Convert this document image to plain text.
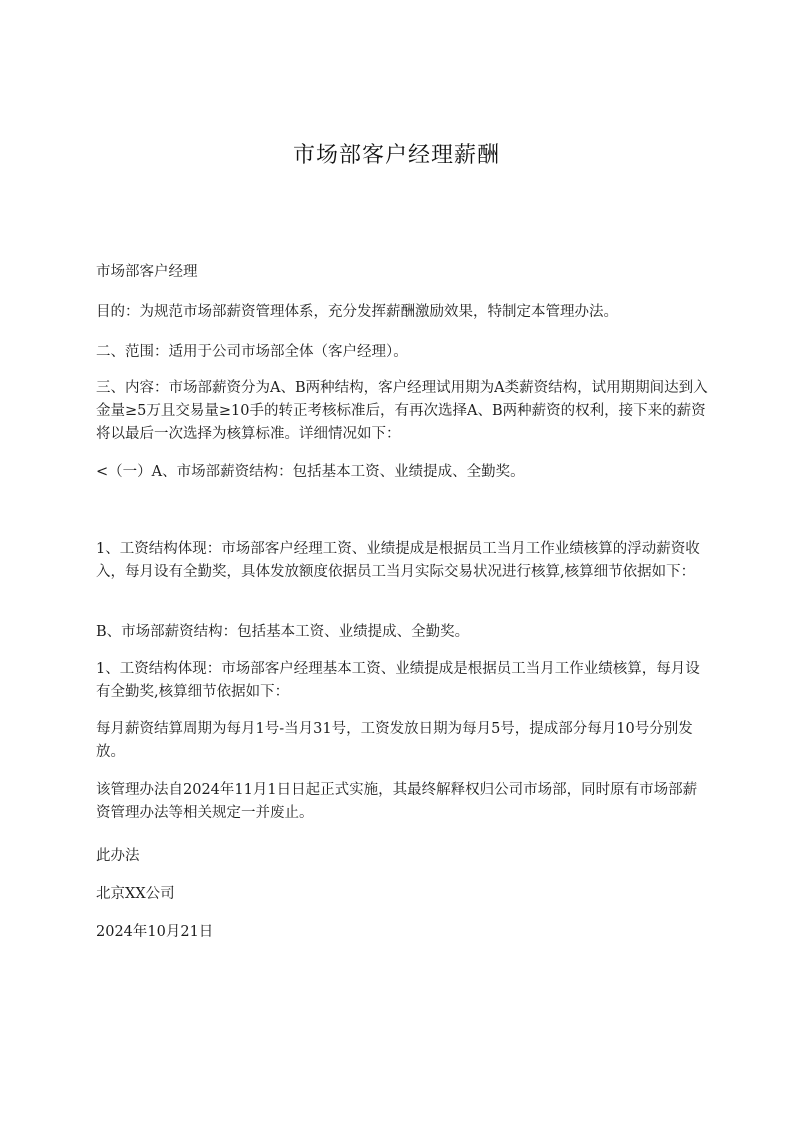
市场部客户经理薪酬
市场部客户经理
目的：为规范市场部薪资管理体系，充分发挥薪酬激励效果，特制定本管理办法。
二、范围：适用于公司市场部全体（客户经理）。
三、内容：市场部薪资分为A、B两种结构，客户经理试用期为A类薪资结构，试用期期间达到入金量≥5万且交易量≥10手的转正考核标准后，有再次选择A、B两种薪资的权利，接下来的薪资将以最后一次选择为核算标准。详细情况如下：
<（一）A、市场部薪资结构：包括基本工资、业绩提成、全勤奖。
1、工资结构体现：市场部客户经理工资、业绩提成是根据员工当月工作业绩核算的浮动薪资收入，每月设有全勤奖，具体发放额度依据员工当月实际交易状况进行核算,核算细节依据如下：
B、市场部薪资结构：包括基本工资、业绩提成、全勤奖。
1、工资结构体现：市场部客户经理基本工资、业绩提成是根据员工当月工作业绩核算，每月设有全勤奖,核算细节依据如下：
每月薪资结算周期为每月1号-当月31号，工资发放日期为每月5号，提成部分每月10号分别发放。
该管理办法自2024年11月1日日起正式实施，其最终解释权归公司市场部，同时原有市场部薪资管理办法等相关规定一并废止。
此办法
北京XX公司
2024年10月21日
